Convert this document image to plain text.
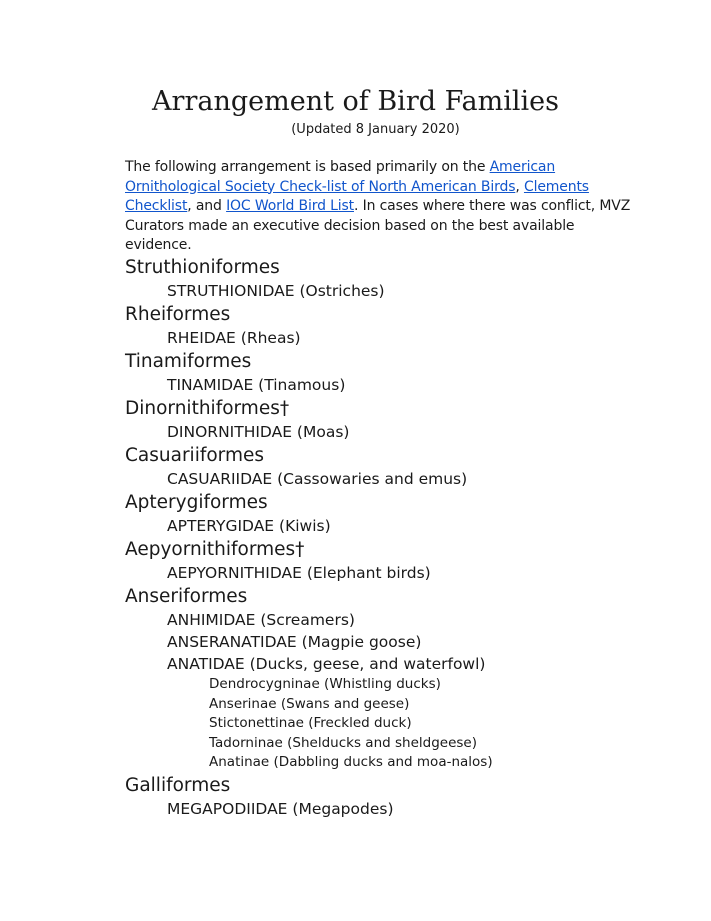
Arrangement of Bird Families
(Updated 8 January 2020)

The following arrangement is based primarily on the American Ornithological Society Check-list of North American Birds, Clements Checklist, and IOC World Bird List. In cases where there was conflict, MVZ Curators made an executive decision based on the best available evidence.

Struthioniformes
STRUTHIONIDAE (Ostriches)
Rheiformes
RHEIDAE (Rheas)
Tinamiformes
TINAMIDAE (Tinamous)
Dinornithiformes†
DINORNITHIDAE (Moas)
Casuariiformes
CASUARIIDAE (Cassowaries and emus)
Apterygiformes
APTERYGIDAE (Kiwis)
Aepyornithiformes†
AEPYORNITHIDAE (Elephant birds)
Anseriformes
ANHIMIDAE (Screamers)
ANSERANATIDAE (Magpie goose)
ANATIDAE (Ducks, geese, and waterfowl)
Dendrocygninae (Whistling ducks)
Anserinae (Swans and geese)
Stictonettinae (Freckled duck)
Tadorninae (Shelducks and sheldgeese)
Anatinae (Dabbling ducks and moa-nalos)
Galliformes
MEGAPODIIDAE (Megapodes)
